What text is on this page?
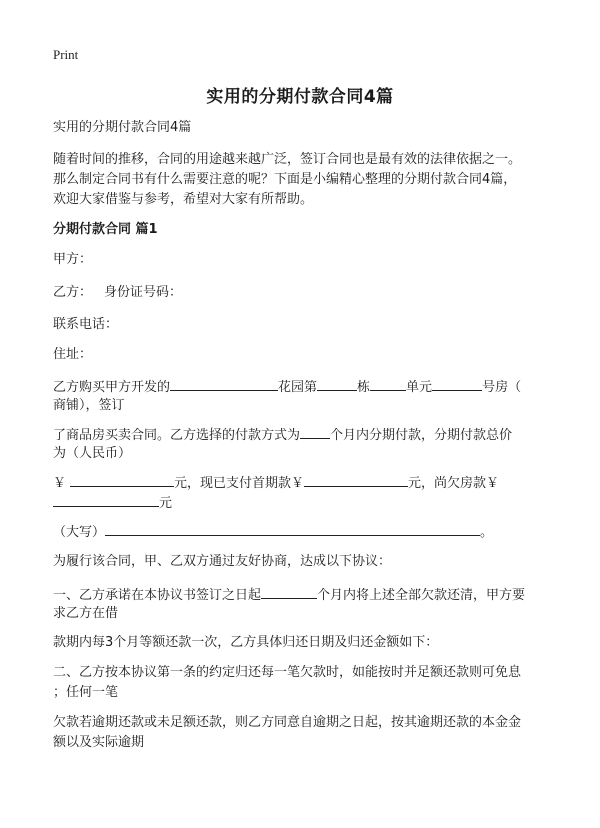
Print
实用的分期付款合同4篇
实用的分期付款合同4篇
随着时间的推移，合同的用途越来越广泛，签订合同也是最有效的法律依据之一。
那么制定合同书有什么需要注意的呢？下面是小编精心整理的分期付款合同4篇，
欢迎大家借鉴与参考，希望对大家有所帮助。
分期付款合同 篇1
甲方：
乙方： 身份证号码：
联系电话：
住址：
乙方购买甲方开发的	花园第	栋	单元	号房（
商铺），签订
了商品房买卖合同。乙方选择的付款方式为 个月内分期付款，分期付款总价
为（人民币）
￥	元，现已支付首期款￥	元，尚欠房款￥
元
（大写）	。
为履行该合同，甲、乙双方通过友好协商，达成以下协议：
一、乙方承诺在本协议书签订之日起	个月内将上述全部欠款还清，甲方要
求乙方在借
款期内每3个月等额还款一次，乙方具体归还日期及归还金额如下：
二、乙方按本协议第一条的约定归还每一笔欠款时，如能按时并足额还款则可免息
；任何一笔
欠款若逾期还款或未足额还款，则乙方同意自逾期之日起，按其逾期还款的本金金
额以及实际逾期
